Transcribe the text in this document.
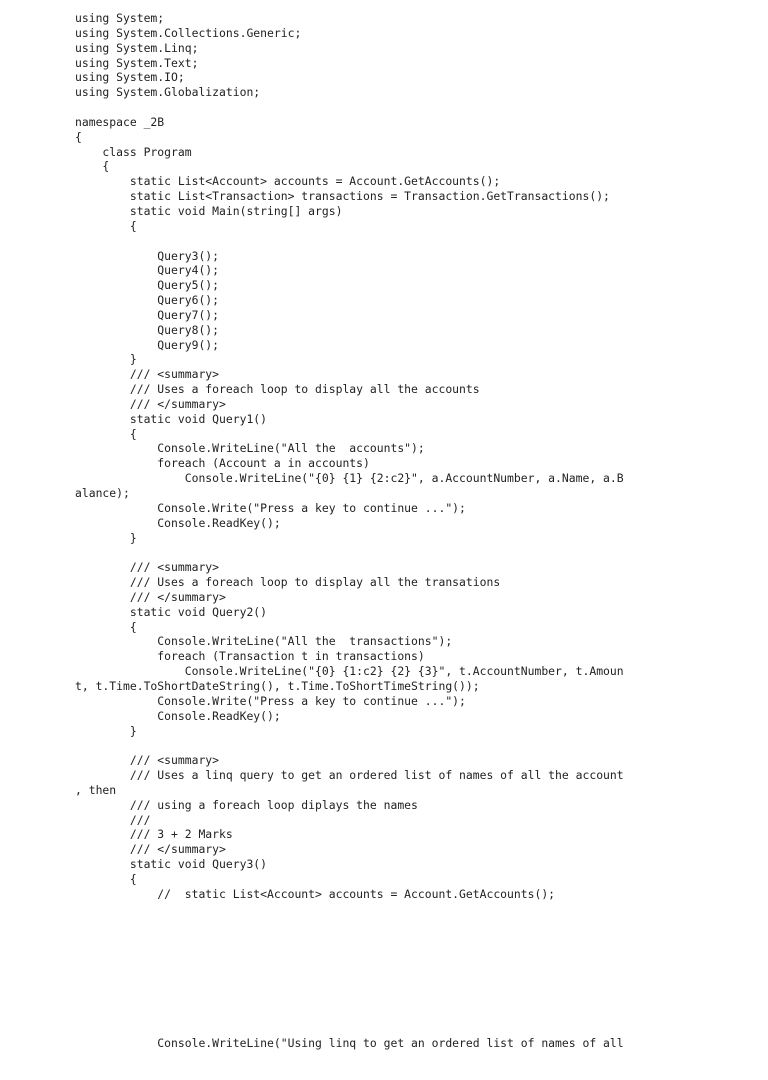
using System;
using System.Collections.Generic;
using System.Linq;
using System.Text;
using System.IO;
using System.Globalization;
namespace _2B
{
class Program
{
static List<Account> accounts = Account.GetAccounts();
static List<Transaction> transactions = Transaction.GetTransactions();
static void Main(string[] args)
{
Query3();
Query4();
Query5();
Query6();
Query7();
Query8();
Query9();
}
/// <summary>
/// Uses a foreach loop to display all the accounts
/// </summary>
static void Query1()
{
Console.WriteLine("All the  accounts");
foreach (Account a in accounts)
Console.WriteLine("{0} {1} {2:c2}", a.AccountNumber, a.Name, a.B
alance);
Console.Write("Press a key to continue ...");
Console.ReadKey();
}
/// <summary>
/// Uses a foreach loop to display all the transations
/// </summary>
static void Query2()
{
Console.WriteLine("All the  transactions");
foreach (Transaction t in transactions)
Console.WriteLine("{0} {1:c2} {2} {3}", t.AccountNumber, t.Amoun
t, t.Time.ToShortDateString(), t.Time.ToShortTimeString());
Console.Write("Press a key to continue ...");
Console.ReadKey();
}
/// <summary>
/// Uses a linq query to get an ordered list of names of all the account
, then
/// using a foreach loop diplays the names
///
/// 3 + 2 Marks
/// </summary>
static void Query3()
{
//  static List<Account> accounts = Account.GetAccounts();

Console.WriteLine("Using linq to get an ordered list of names of all
